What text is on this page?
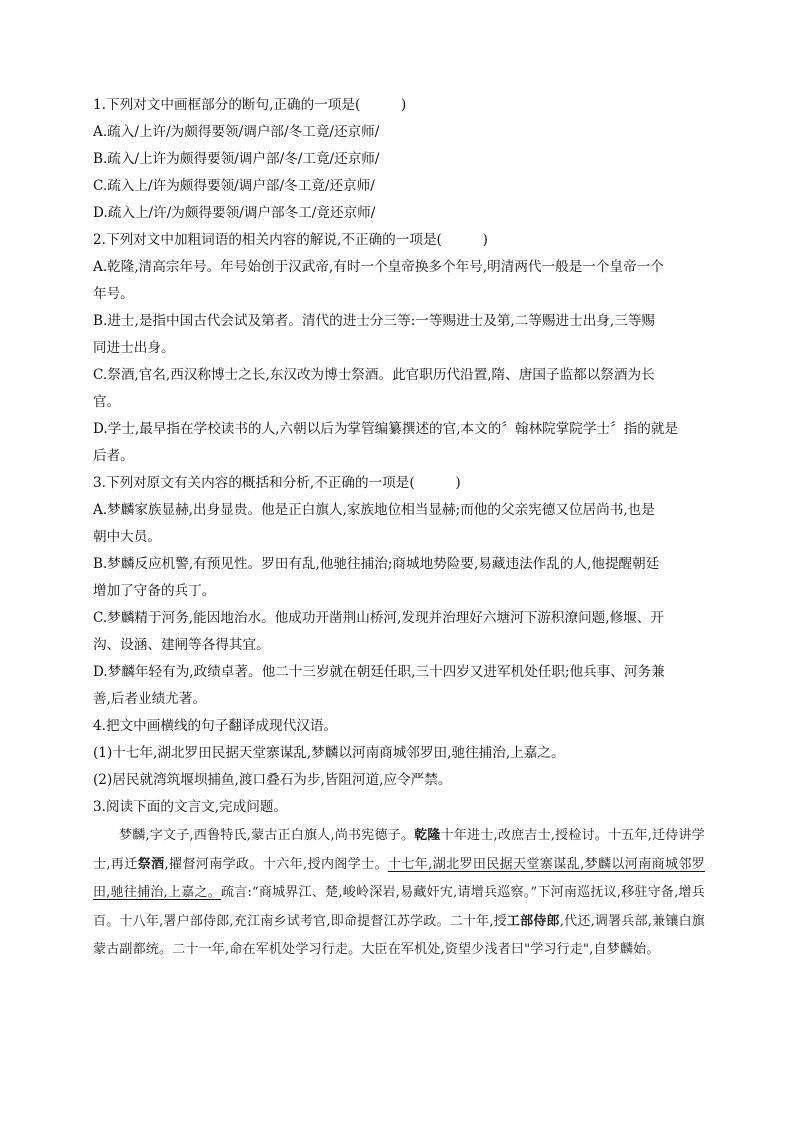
1.下列对文中画框部分的断句,正确的一项是(　　　)
A.疏入/上许/为颇得要领/调户部/冬工竟/还京师/
B.疏入/上许为颇得要领/调户部/冬/工竟/还京师/
C.疏入上/许为颇得要领/调户部/冬工竟/还京师/
D.疏入上/许/为颇得要领/调户部冬工/竟还京师/
2.下列对文中加粗词语的相关内容的解说,不正确的一项是(　　　)
A.乾隆,清高宗年号。年号始创于汉武帝,有时一个皇帝换多个年号,明清两代一般是一个皇帝一个
年号。
B.进士,是指中国古代会试及第者。清代的进士分三等:一等赐进士及第,二等赐进士出身,三等赐
同进士出身。
C.祭酒,官名,西汉称博士之长,东汉改为博士祭酒。此官职历代沿置,隋、唐国子监都以祭酒为长
官。
D.学士,最早指在学校读书的人,六朝以后为掌管编纂撰述的官,本文的〞翰林院掌院学士〞指的就是
后者。
3.下列对原文有关内容的概括和分析,不正确的一项是(　　　)
A.梦麟家族显赫,出身显贵。他是正白旗人,家族地位相当显赫;而他的父亲宪德又位居尚书,也是
朝中大员。
B.梦麟反应机警,有预见性。罗田有乱,他驰往捕治;商城地势险要,易藏违法作乱的人,他提醒朝廷
增加了守备的兵丁。
C.梦麟精于河务,能因地治水。他成功开凿荆山桥河,发现并治理好六塘河下游积潦问题,修堰、开
沟、设涵、建闸等各得其宜。
D.梦麟年轻有为,政绩卓著。他二十三岁就在朝廷任职,三十四岁又进军机处任职;他兵事、河务兼
善,后者业绩尤著。
4.把文中画横线的句子翻译成现代汉语。
(1)十七年,湖北罗田民据天堂寨谋乱,梦麟以河南商城邻罗田,驰往捕治,上嘉之。
(2)居民就湾筑堰坝捕鱼,渡口叠石为步,皆阻河道,应令严禁。
3.阅读下面的文言文,完成问题。
梦麟,字文子,西鲁特氏,蒙古正白旗人,尚书宪德子。乾隆十年进士,改庶吉士,授检讨。十五年,迁侍讲学士,再迁祭酒,擢督河南学政。十六年,授内阁学士。十七年,湖北罗田民据天堂寨谋乱,梦麟以河南商城邻罗田,驰往捕治,上嘉之。疏言:“商城界江、楚,峻岭深岩,易藏奸宄,请增兵巡察。”下河南巡抚议,移驻守备,增兵百。十八年,署户部侍郎,充江南乡试考官,即命提督江苏学政。二十年,授工部侍郎,代还,调署兵部,兼镶白旗蒙古副都统。二十一年,命在军机处学习行走。大臣在军机处,资望少浅者曰"学习行走",自梦麟始。
